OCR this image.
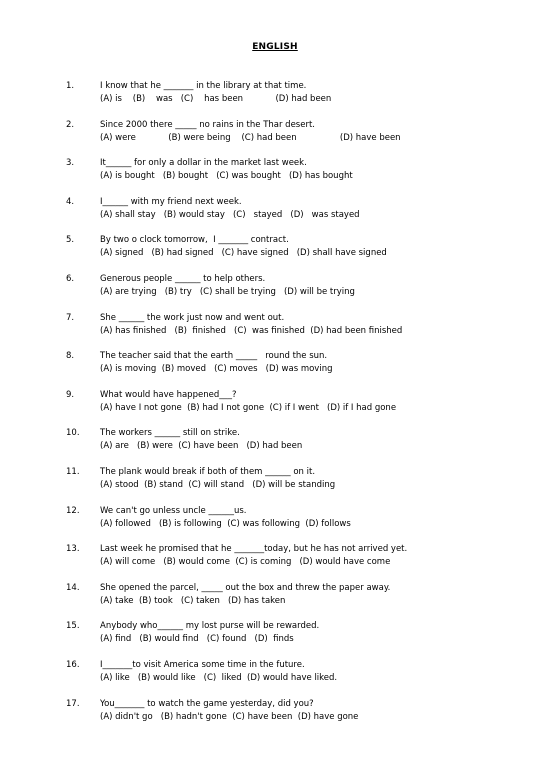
ENGLISH
1.	I know that he _______ in the library at that time.
(A) is    (B)    was   (C)    has been            (D) had been
2.	Since 2000 there _____ no rains in the Thar desert.
(A) were            (B) were being    (C) had been                (D) have been
3.	It______ for only a dollar in the market last week.
(A) is bought   (B) bought   (C) was bought   (D) has bought
4.	I______ with my friend next week.
(A) shall stay   (B) would stay   (C)   stayed   (D)   was stayed
5.	By two o clock tomorrow,  I _______ contract.
(A) signed   (B) had signed   (C) have signed   (D) shall have signed
6.	Generous people ______ to help others.
(A) are trying   (B) try   (C) shall be trying   (D) will be trying
7.	She ______ the work just now and went out.
(A) has finished   (B)  finished   (C)  was finished  (D) had been finished
8.	The teacher said that the earth _____   round the sun.
(A) is moving  (B) moved   (C) moves   (D) was moving
9.	What would have happened___?
(A) have I not gone  (B) had I not gone  (C) if I went   (D) if I had gone
10. The workers ______ still on strike.
(A) are   (B) were  (C) have been   (D) had been
11. The plank would break if both of them ______ on it.
(A) stood  (B) stand  (C) will stand   (D) will be standing
12. We can't go unless uncle ______us.
(A) followed   (B) is following  (C) was following  (D) follows
13. Last week he promised that he _______today, but he has not arrived yet.
(A) will come   (B) would come  (C) is coming   (D) would have come
14. She opened the parcel, _____ out the box and threw the paper away.
(A) take  (B) took   (C) taken   (D) has taken
15. Anybody who______ my lost purse will be rewarded.
(A) find   (B) would find   (C) found   (D)  finds
16. I_______to visit America some time in the future.
(A) like   (B) would like   (C)  liked  (D) would have liked.
17. You_______ to watch the game yesterday, did you?
(A) didn't go   (B) hadn't gone  (C) have been  (D) have gone
